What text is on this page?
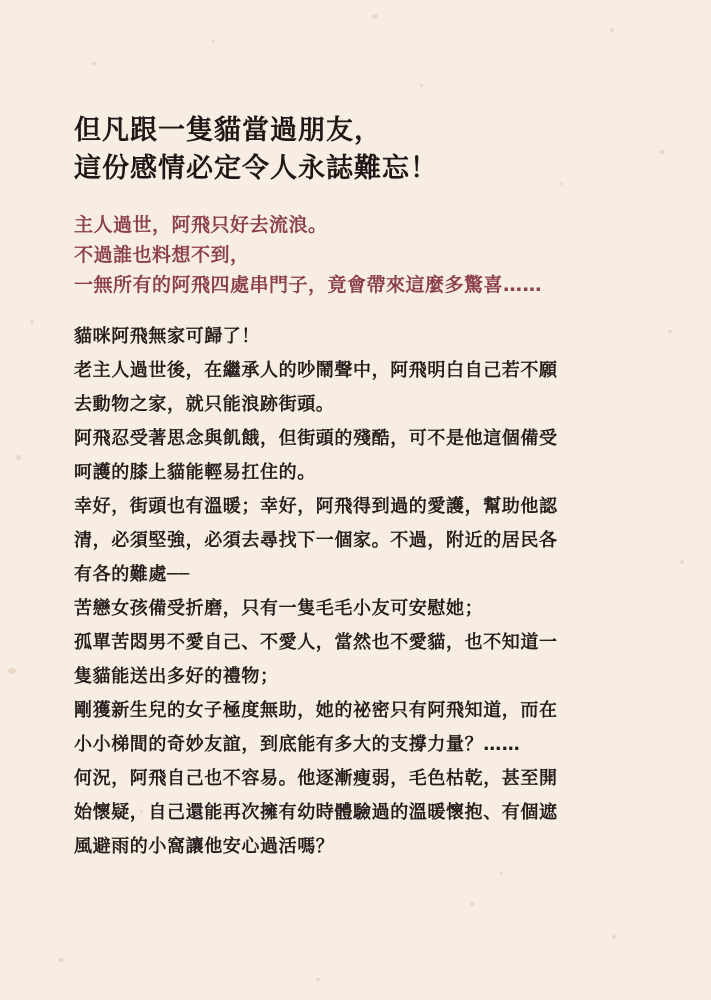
但凡跟一隻貓當過朋友，
這份感情必定令人永誌難忘！

主人過世，阿飛只好去流浪。
不過誰也料想不到，
一無所有的阿飛四處串門子，竟會帶來這麼多驚喜……

貓咪阿飛無家可歸了！
老主人過世後，在繼承人的吵鬧聲中，阿飛明白自己若不願
去動物之家，就只能浪跡街頭。
阿飛忍受著思念與飢餓，但街頭的殘酷，可不是他這個備受
呵護的膝上貓能輕易扛住的。
幸好，街頭也有溫暖；幸好，阿飛得到過的愛護，幫助他認
清，必須堅強，必須去尋找下一個家。不過，附近的居民各
有各的難處──
苦戀女孩備受折磨，只有一隻毛毛小友可安慰她；
孤單苦悶男不愛自己、不愛人，當然也不愛貓，也不知道一
隻貓能送出多好的禮物；
剛獲新生兒的女子極度無助，她的祕密只有阿飛知道，而在
小小梯間的奇妙友誼，到底能有多大的支撐力量？……
何況，阿飛自己也不容易。他逐漸瘦弱，毛色枯乾，甚至開
始懷疑，自己還能再次擁有幼時體驗過的溫暖懷抱、有個遮
風避雨的小窩讓他安心過活嗎？
